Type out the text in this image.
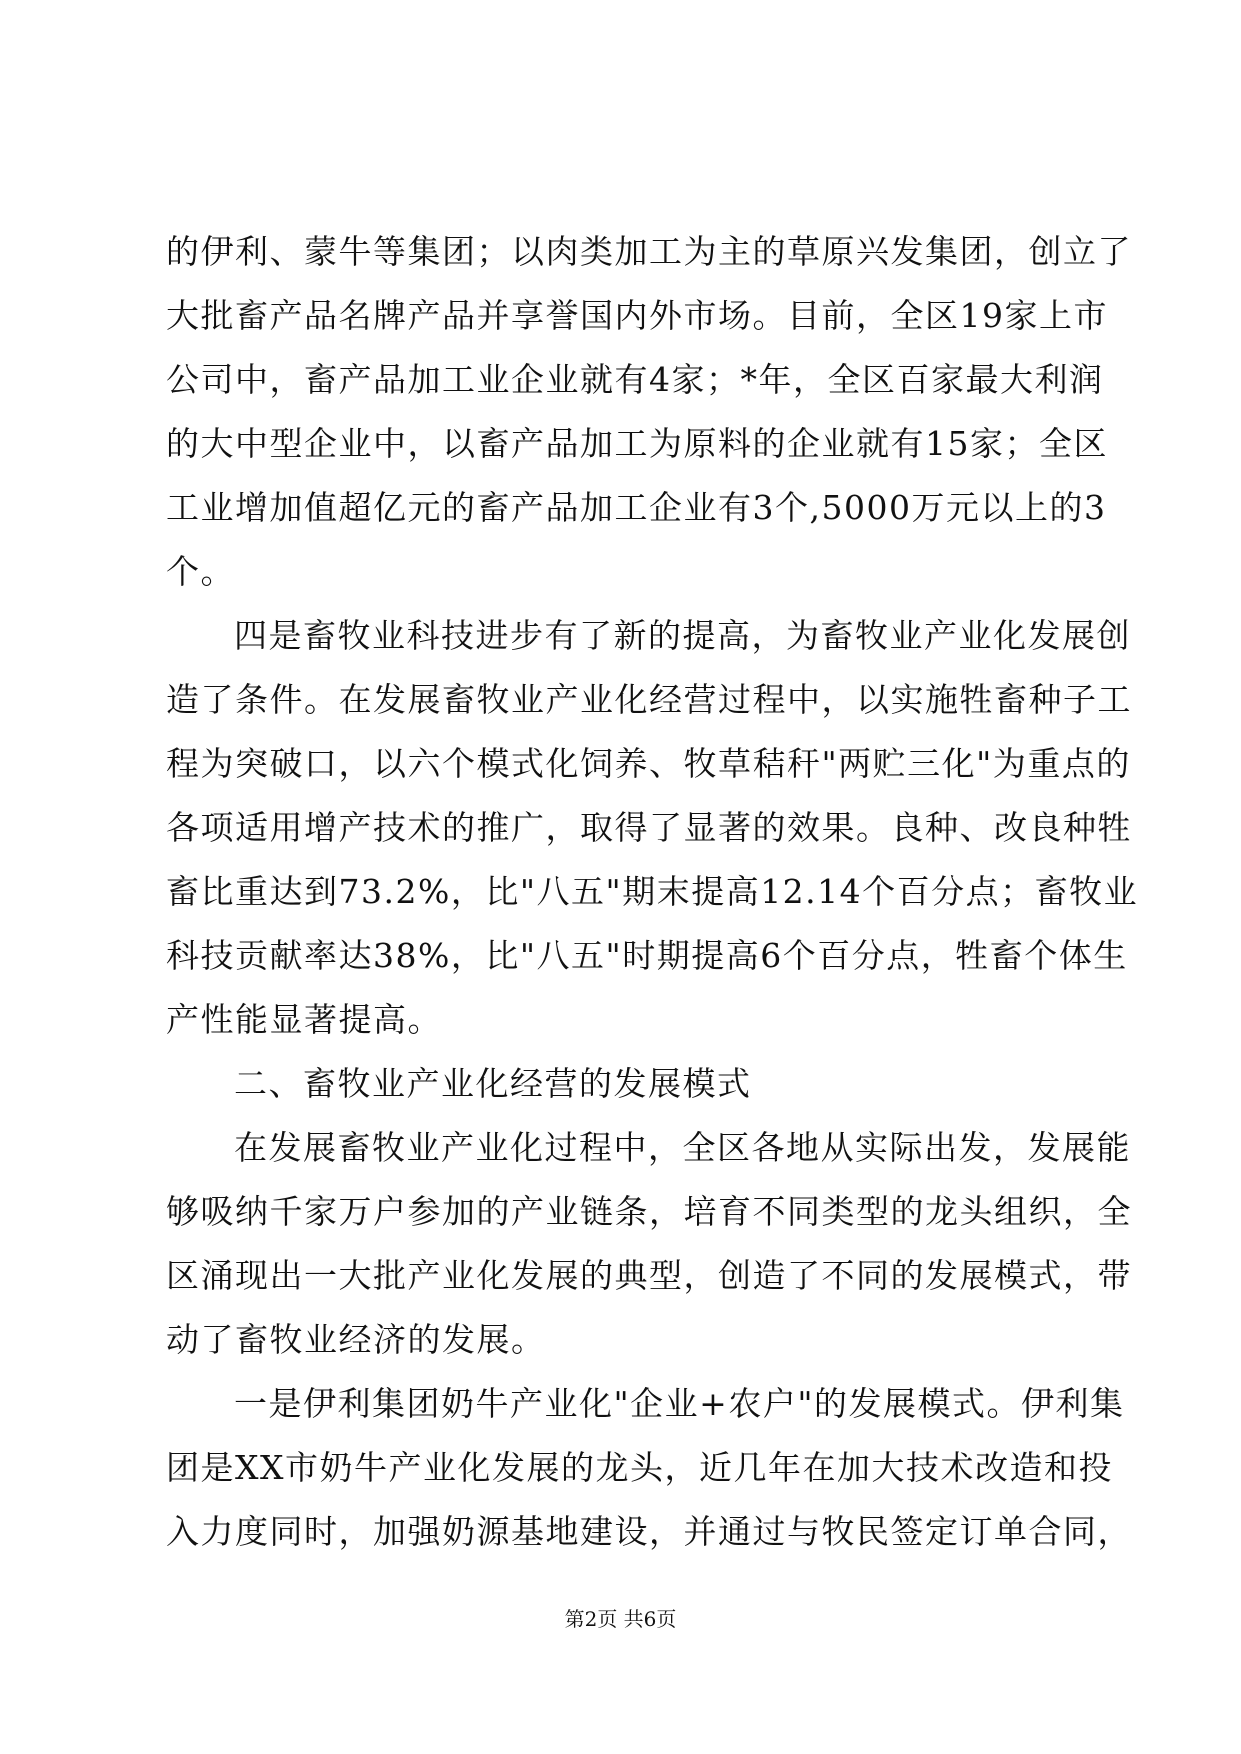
的伊利、蒙牛等集团；以肉类加工为主的草原兴发集团，创立了
大批畜产品名牌产品并享誉国内外市场。目前，全区19家上市
公司中，畜产品加工业企业就有4家；*年，全区百家最大利润
的大中型企业中，以畜产品加工为原料的企业就有15家；全区
工业增加值超亿元的畜产品加工企业有3个,5000万元以上的3
个。
四是畜牧业科技进步有了新的提高，为畜牧业产业化发展创
造了条件。在发展畜牧业产业化经营过程中，以实施牲畜种子工
程为突破口，以六个模式化饲养、牧草秸秆"两贮三化"为重点的
各项适用增产技术的推广，取得了显著的效果。良种、改良种牲
畜比重达到73.2%，比"八五"期末提高12.14个百分点；畜牧业
科技贡献率达38%，比"八五"时期提高6个百分点，牲畜个体生
产性能显著提高。
二、畜牧业产业化经营的发展模式
在发展畜牧业产业化过程中，全区各地从实际出发，发展能
够吸纳千家万户参加的产业链条，培育不同类型的龙头组织，全
区涌现出一大批产业化发展的典型，创造了不同的发展模式，带
动了畜牧业经济的发展。
一是伊利集团奶牛产业化"企业+农户"的发展模式。伊利集
团是XX市奶牛产业化发展的龙头，近几年在加大技术改造和投
入力度同时，加强奶源基地建设，并通过与牧民签定订单合同，
第2页 共6页
